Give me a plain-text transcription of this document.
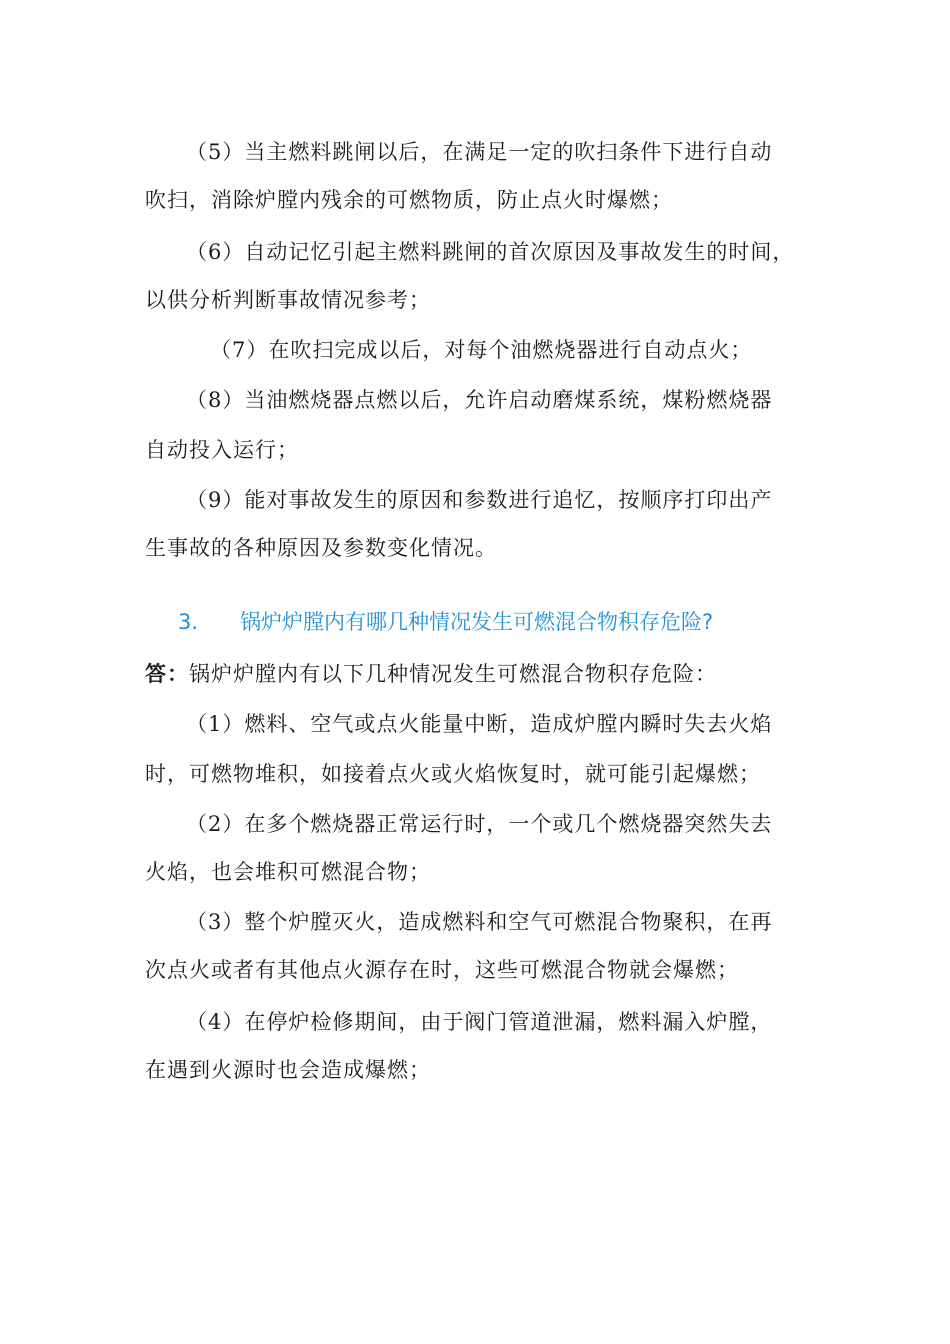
（5）当主燃料跳闸以后，在满足一定的吹扫条件下进行自动
吹扫，消除炉膛内残余的可燃物质，防止点火时爆燃；
（6）自动记忆引起主燃料跳闸的首次原因及事故发生的时间，
以供分析判断事故情况参考；
（7）在吹扫完成以后，对每个油燃烧器进行自动点火；
（8）当油燃烧器点燃以后，允许启动磨煤系统，煤粉燃烧器
自动投入运行；
（9）能对事故发生的原因和参数进行追忆，按顺序打印出产
生事故的各种原因及参数变化情况。
3. 锅炉炉膛内有哪几种情况发生可燃混合物积存危险?
答：锅炉炉膛内有以下几种情况发生可燃混合物积存危险：
（1）燃料、空气或点火能量中断，造成炉膛内瞬时失去火焰
时，可燃物堆积，如接着点火或火焰恢复时，就可能引起爆燃；
（2）在多个燃烧器正常运行时，一个或几个燃烧器突然失去
火焰，也会堆积可燃混合物；
（3）整个炉膛灭火，造成燃料和空气可燃混合物聚积，在再
次点火或者有其他点火源存在时，这些可燃混合物就会爆燃；
（4）在停炉检修期间，由于阀门管道泄漏，燃料漏入炉膛，
在遇到火源时也会造成爆燃；
